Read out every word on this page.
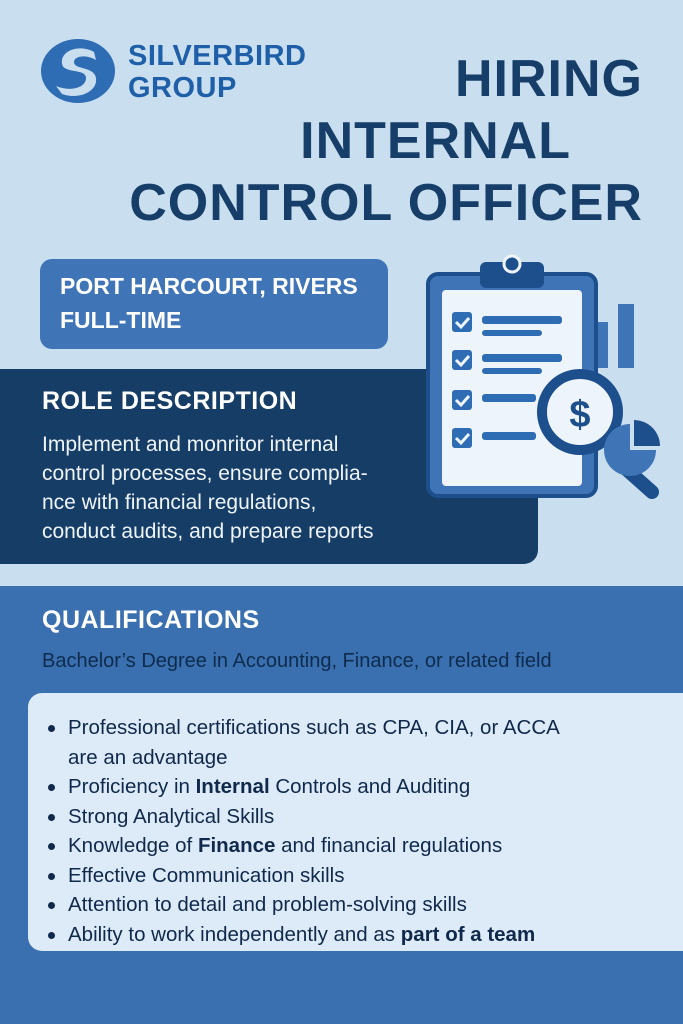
SILVERBIRD
GROUP	HIRING
INTERNAL
CONTROL OFFICER
PORT HARCOURT, RIVERS
FULL-TIME
ROLE DESCRIPTION
Implement and monritor internal
control processes, ensure complia-
nce with financial regulations,
conduct audits, and prepare reports
$
QUALIFICATIONS
Bachelor’s Degree in Accounting, Finance, or related field
Professional certifications such as CPA, CIA, or ACCA
are an advantage
Proficiency in Internal Controls and Auditing
Strong Analytical Skills
Knowledge of Finance and financial regulations
Effective Communication skills
Attention to detail and problem-solving skills
Ability to work independently and as part of a team
